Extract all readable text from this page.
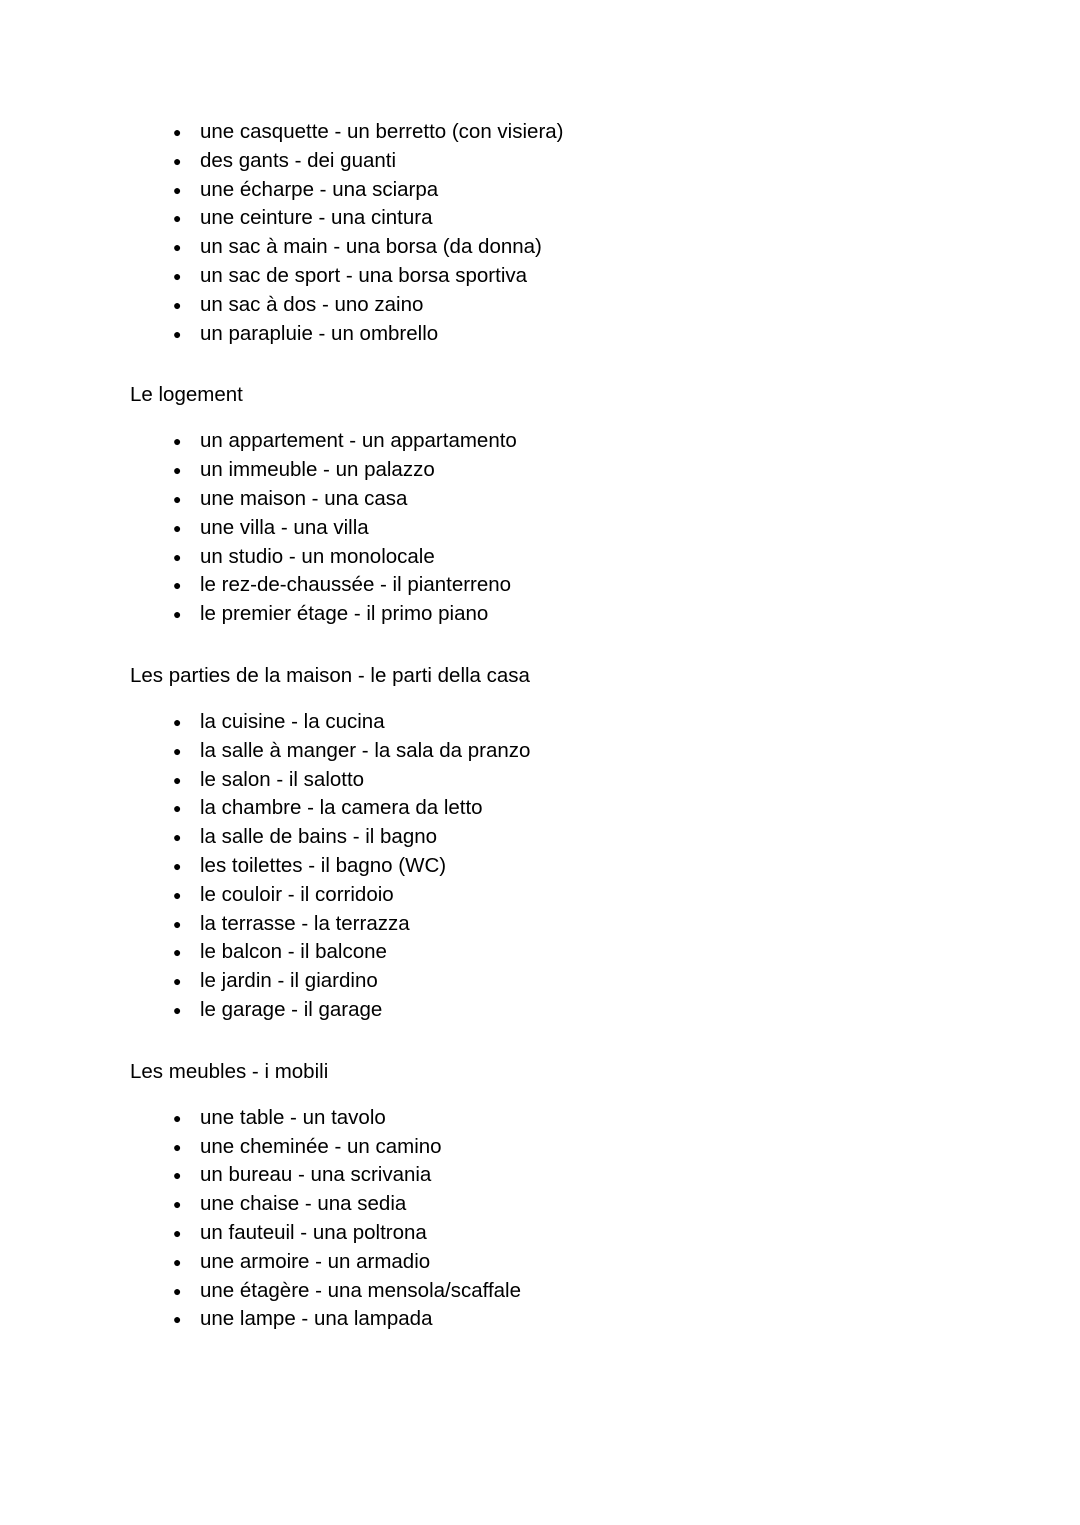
● une casquette - un berretto (con visiera)
● des gants - dei guanti
● une écharpe - una sciarpa
● une ceinture - una cintura
● un sac à main - una borsa (da donna)
● un sac de sport - una borsa sportiva
● un sac à dos - uno zaino
● un parapluie - un ombrello

Le logement

● un appartement - un appartamento
● un immeuble - un palazzo
● une maison - una casa
● une villa - una villa
● un studio - un monolocale
● le rez-de-chaussée - il pianterreno
● le premier étage - il primo piano

Les parties de la maison - le parti della casa

● la cuisine - la cucina
● la salle à manger - la sala da pranzo
● le salon - il salotto
● la chambre - la camera da letto
● la salle de bains - il bagno
● les toilettes - il bagno (WC)
● le couloir - il corridoio
● la terrasse - la terrazza
● le balcon - il balcone
● le jardin - il giardino
● le garage - il garage

Les meubles - i mobili

● une table - un tavolo
● une cheminée - un camino
● un bureau - una scrivania
● une chaise - una sedia
● un fauteuil - una poltrona
● une armoire - un armadio
● une étagère - una mensola/scaffale
● une lampe - una lampada
